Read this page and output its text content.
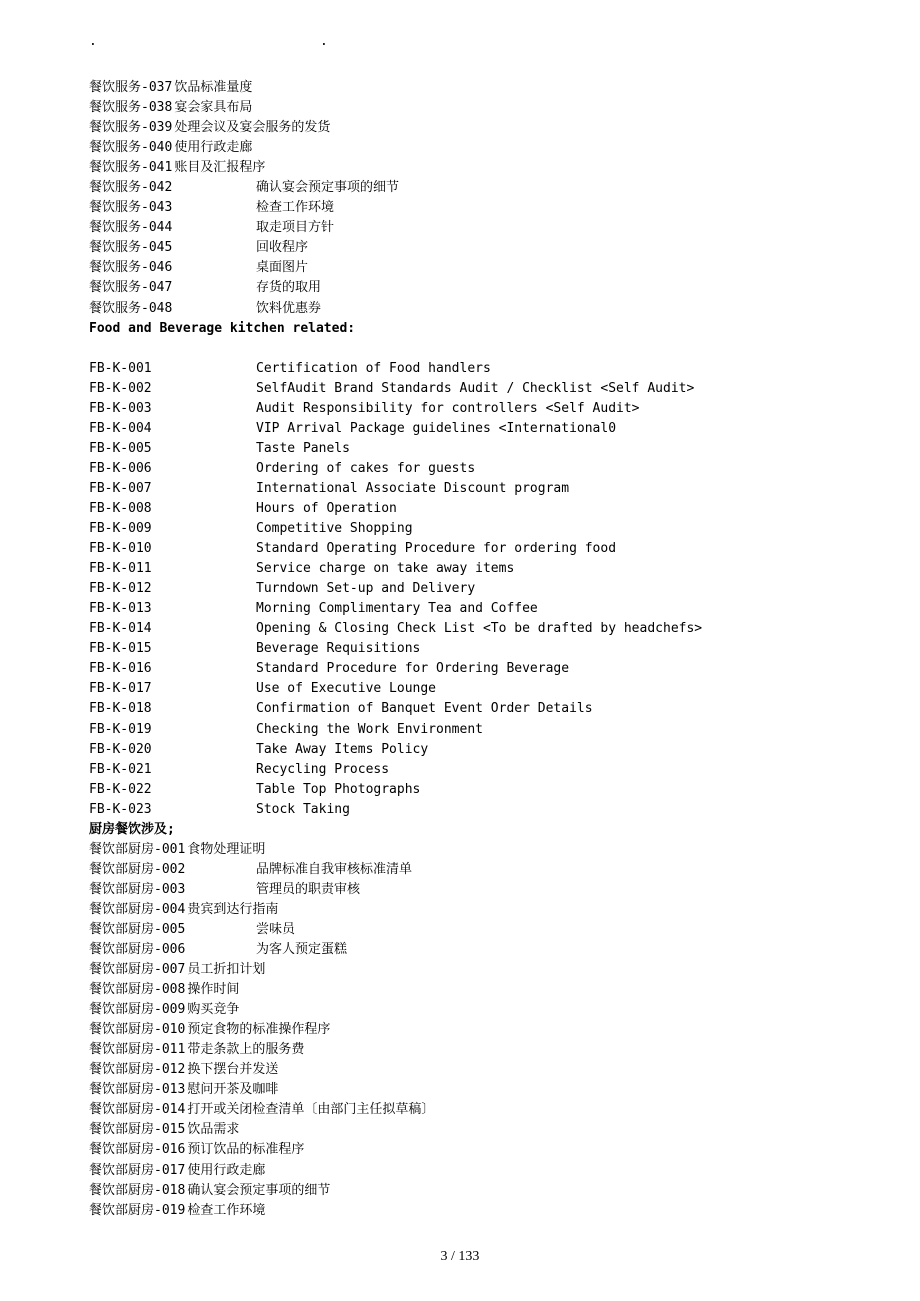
.	.
餐饮服务-037 饮品标准量度
餐饮服务-038 宴会家具布局
餐饮服务-039 处理会议及宴会服务的发货
餐饮服务-040 使用行政走廊
餐饮服务-041 账目及汇报程序
餐饮服务-042	确认宴会预定事项的细节
餐饮服务-043	检查工作环境
餐饮服务-044	取走项目方针
餐饮服务-045	回收程序
餐饮服务-046	桌面图片
餐饮服务-047	存货的取用
餐饮服务-048	饮料优惠券
Food and Beverage kitchen related:
FB-K-001	Certification of Food handlers
FB-K-002	SelfAudit Brand Standards Audit / Checklist <Self Audit>
FB-K-003	Audit Responsibility for controllers <Self Audit>
FB-K-004	VIP Arrival Package guidelines <International0
FB-K-005	Taste Panels
FB-K-006	Ordering of cakes for guests
FB-K-007	International Associate Discount program
FB-K-008	Hours of Operation
FB-K-009	Competitive Shopping
FB-K-010	Standard Operating Procedure for ordering food
FB-K-011	Service charge on take away items
FB-K-012	Turndown Set-up and Delivery
FB-K-013	Morning Complimentary Tea and Coffee
FB-K-014	Opening & Closing Check List <To be drafted by headchefs>
FB-K-015	Beverage Requisitions
FB-K-016	Standard Procedure for Ordering Beverage
FB-K-017	Use of Executive Lounge
FB-K-018	Confirmation of Banquet Event Order Details
FB-K-019	Checking the Work Environment
FB-K-020	Take Away Items Policy
FB-K-021	Recycling Process
FB-K-022	Table Top Photographs
FB-K-023	Stock Taking
厨房餐饮涉及;
餐饮部厨房-001 食物处理证明
餐饮部厨房-002	品牌标准自我审核标准清单
餐饮部厨房-003	管理员的职责审核
餐饮部厨房-004 贵宾到达行指南
餐饮部厨房-005	尝味员
餐饮部厨房-006	为客人预定蛋糕
餐饮部厨房-007 员工折扣计划
餐饮部厨房-008 操作时间
餐饮部厨房-009 购买竞争
餐饮部厨房-010 预定食物的标准操作程序
餐饮部厨房-011 带走条款上的服务费
餐饮部厨房-012 换下摆台并发送
餐饮部厨房-013 慰问开茶及咖啡
餐饮部厨房-014 打开或关闭检查清单〔由部门主任拟草稿〕
餐饮部厨房-015 饮品需求
餐饮部厨房-016 预订饮品的标准程序
餐饮部厨房-017 使用行政走廊
餐饮部厨房-018 确认宴会预定事项的细节
餐饮部厨房-019 检查工作环境
3 / 133
